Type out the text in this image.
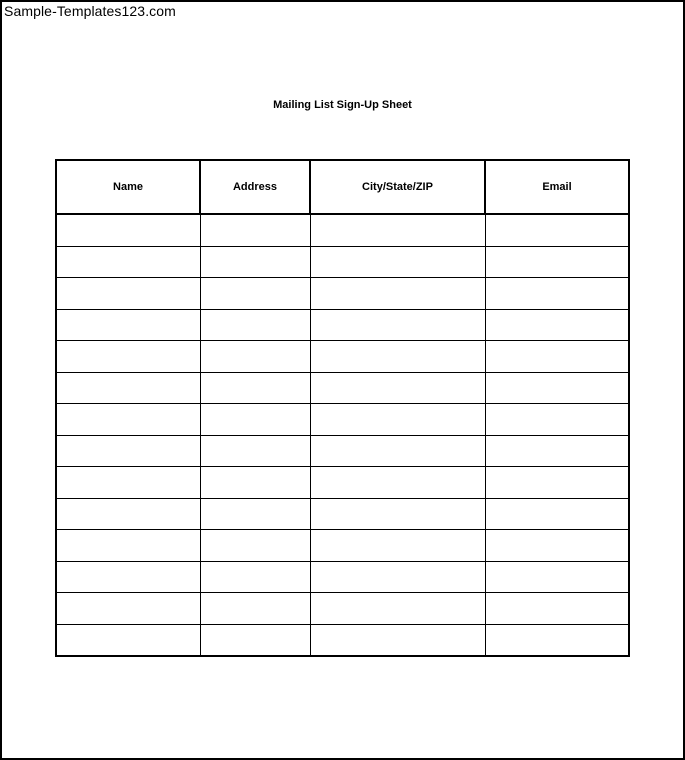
Sample-Templates123.com
Mailing List Sign-Up Sheet
Name	Address	City/State/ZIP	Email
